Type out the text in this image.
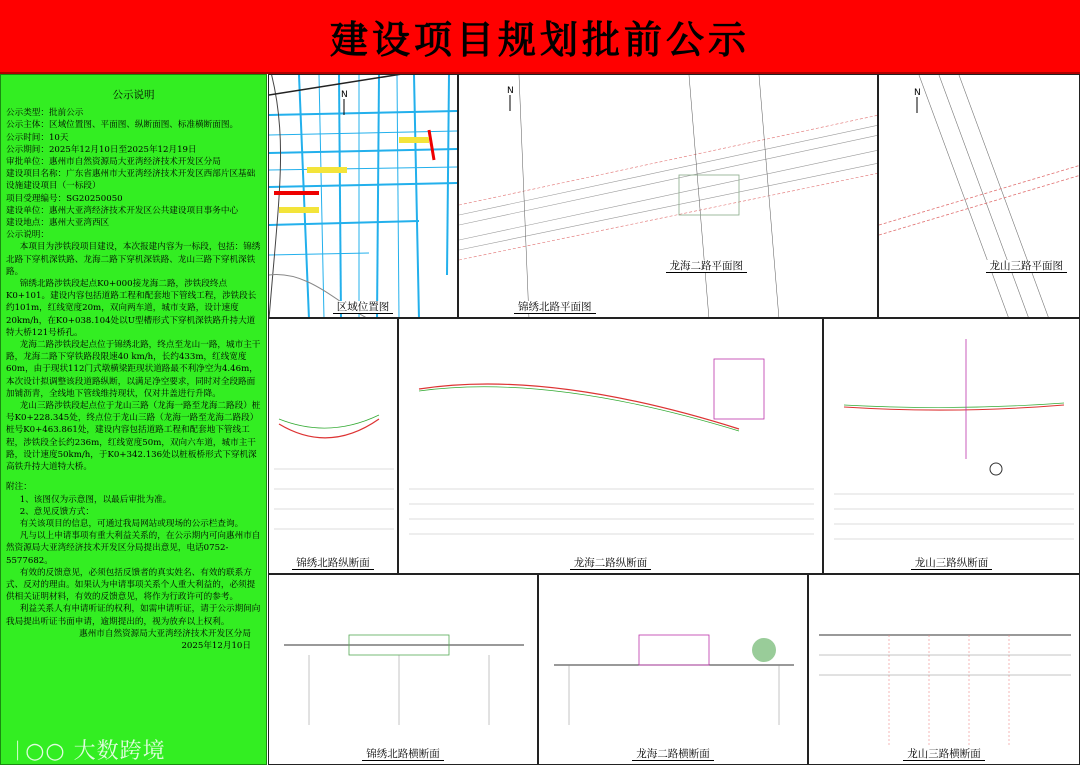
建设项目规划批前公示
公示说明

公示类型：批前公示

公示主体：区域位置图、平面图、纵断面图、标准横断面图。

公示时间：10天

公示期间：2025年12月10日至2025年12月19日

审批单位：惠州市自然资源局大亚湾经济技术开发区分局

建设项目名称：广东省惠州市大亚湾经济技术开发区西部片区基础设施建设项目（一标段）

项目受理编号：SG20250050

建设单位：惠州大亚湾经济技术开发区公共建设项目事务中心

建设地点：惠州大亚湾西区

公示说明：

本项目为涉铁段项目建设，本次报建内容为一标段，包括：锦绣北路下穿机深铁路、龙海二路下穿机深铁路、龙山三路下穿机深铁路。

锦绣北路涉铁段起点K0+000接龙海二路，涉铁段终点K0+101。建设内容包括道路工程和配套地下管线工程，涉铁段长约101m，红线宽度20m，双向两车道，城市支路，设计速度20km/h，在K0+038.104处以U型槽形式下穿机深铁路升持大道特大桥121号桥孔。

龙海二路涉铁段起点位于锦绣北路，终点至龙山一路，城市主干路，龙海二路下穿铁路段限速40 km/h，长约433m，红线宽度60m，由于现状112门式墩横梁距现状道路最不利净空为4.46m，本次设计拟调整该段道路纵断，以满足净空要求，同时对全段路面加铺沥青，全线地下管线维持现状，仅对井盖进行升降。

龙山三路涉铁段起点位于龙山三路（龙海一路至龙海二路段）桩号K0+228.345处，终点位于龙山三路（龙海一路至龙海二路段）桩号K0+463.861处，建设内容包括道路工程和配套地下管线工程，涉铁段全长约236m，红线宽度50m，双向六车道，城市主干路，设计速度50km/h，于K0+342.136处以桩板桥形式下穿机深高铁升持大道特大桥。

附注：

1、该图仅为示意图，以最后审批为准。

2、意见反馈方式：

有关该项目的信息，可通过我局网站或现场的公示栏查询。

凡与以上申请事项有重大利益关系的，在公示期内可向惠州市自然资源局大亚湾经济技术开发区分局提出意见，电话0752-5577682。

有效的反馈意见，必须包括反馈者的真实姓名、有效的联系方式、反对的理由。如果认为申请事项关系个人重大利益的，必须提供相关证明材料，有效的反馈意见，将作为行政许可的参考。

利益关系人有申请听证的权利，如需申请听证，请于公示期间向我局提出听证书面申请，逾期提出的，视为放弃以上权利。

惠州市自然资源局大亚湾经济技术开发区分局

2025年12月10日

ᛁ○○ 大数跨境
N
区域位置图
N
龙海二路平面图
锦绣北路平面图
N
龙山三路平面图
锦绣北路纵断面	龙海二路纵断面	龙山三路纵断面
锦绣北路横断面	龙海二路横断面	龙山三路横断面
